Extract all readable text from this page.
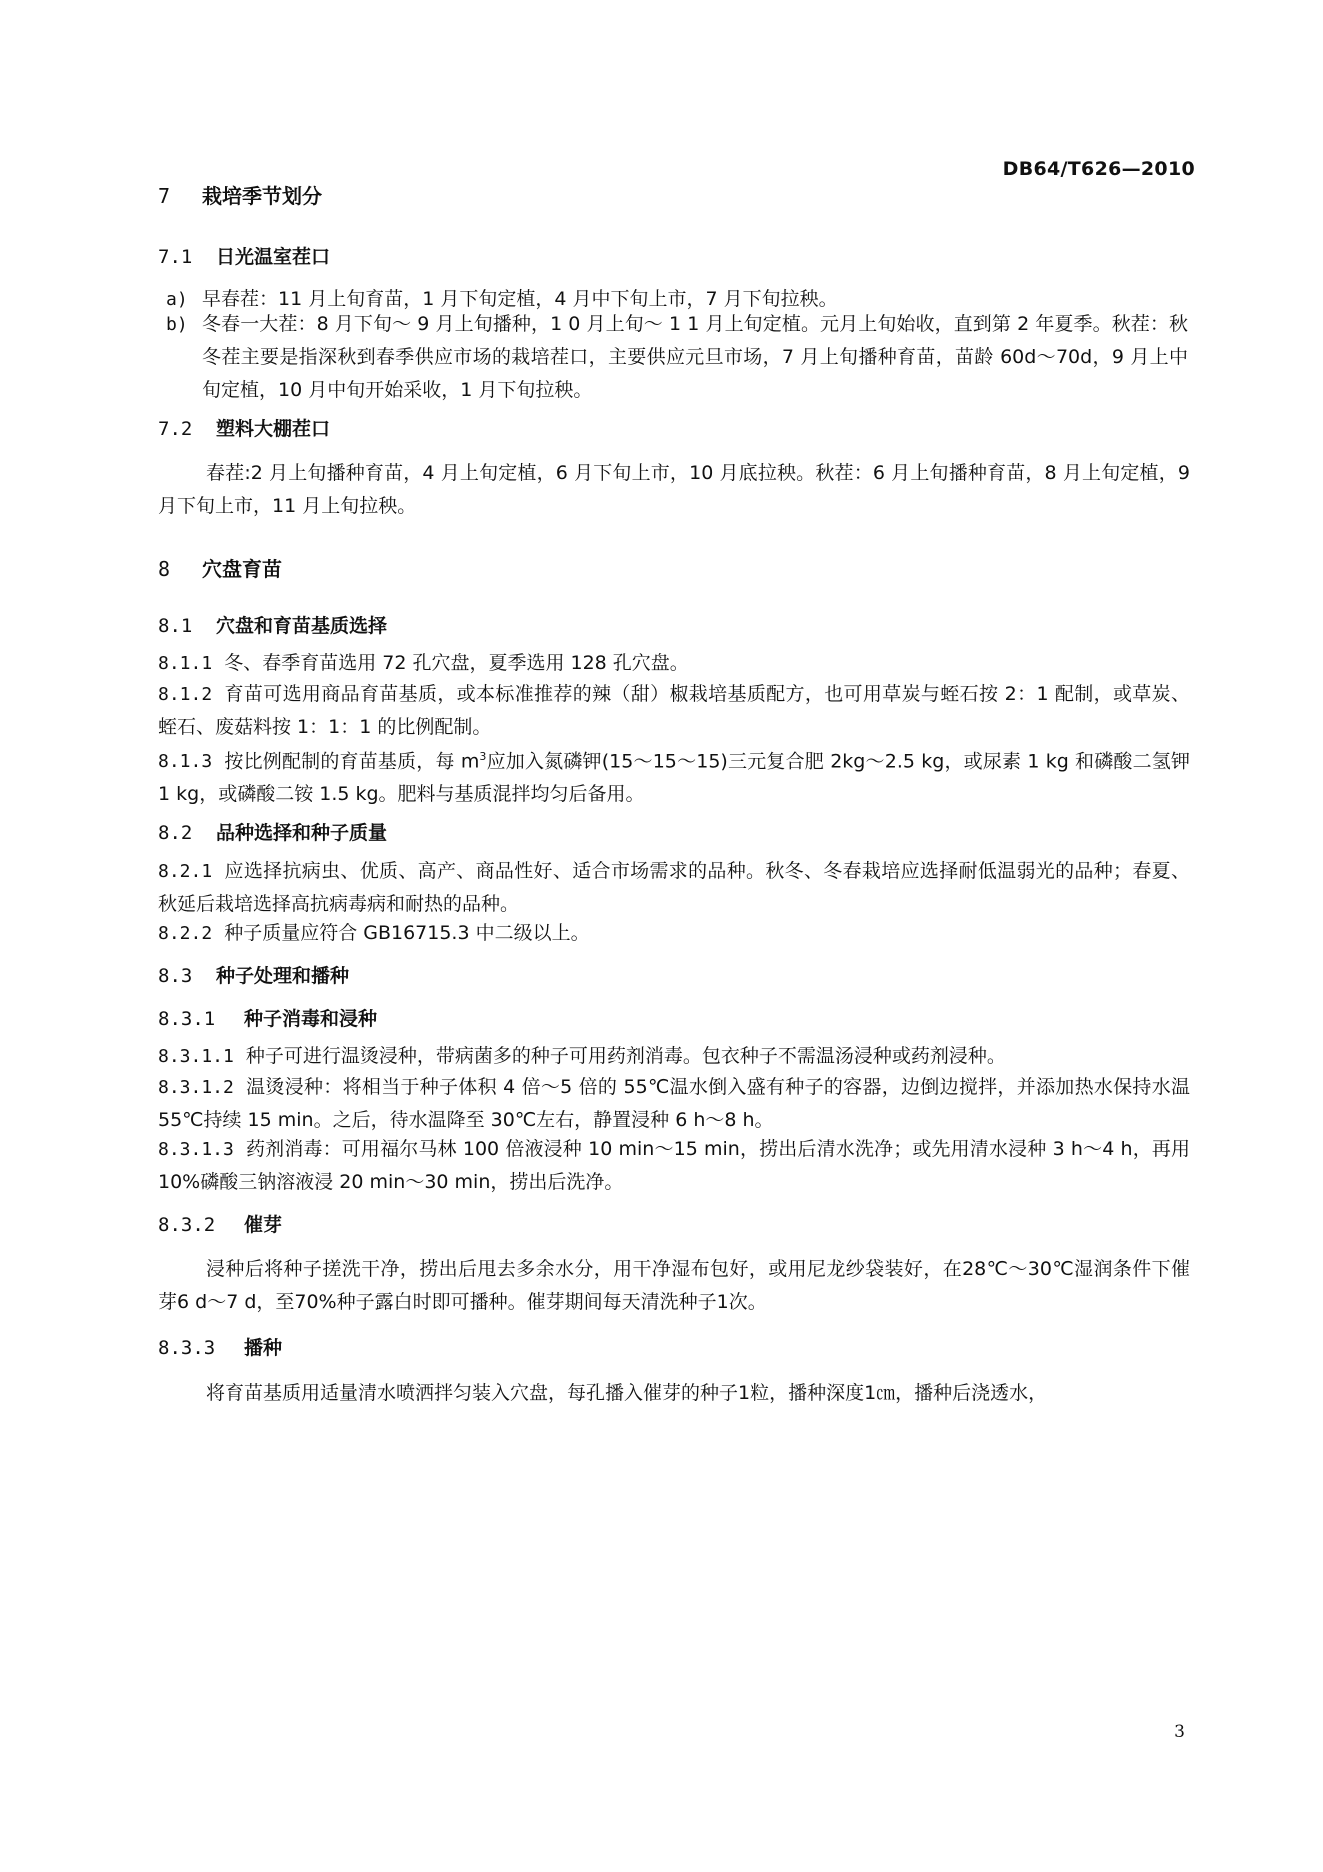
DB64/T626—2010
7 栽培季节划分
7.1 日光温室茬口
a) 早春茬：11 月上旬育苗，1 月下旬定植，4 月中下旬上市，7 月下旬拉秧。
b) 冬春一大茬：8 月下旬～ 9 月上旬播种，1 0 月上旬～ 1 1 月上旬定植。元月上旬始收，直到第 2 年夏季。秋茬：秋冬茬主要是指深秋到春季供应市场的栽培茬口，主要供应元旦市场，7 月上旬播种育苗，苗龄 60d～70d，9 月上中旬定植，10 月中旬开始采收，1 月下旬拉秧。
7.2 塑料大棚茬口
春茬:2 月上旬播种育苗，4 月上旬定植，6 月下旬上市，10 月底拉秧。秋茬：6 月上旬播种育苗，8 月上旬定植，9 月下旬上市，11 月上旬拉秧。
8 穴盘育苗
8.1 穴盘和育苗基质选择
8.1.1 冬、春季育苗选用 72 孔穴盘，夏季选用 128 孔穴盘。
8.1.2 育苗可选用商品育苗基质，或本标准推荐的辣（甜）椒栽培基质配方，也可用草炭与蛭石按 2：1 配制，或草炭、蛭石、废菇料按 1：1：1 的比例配制。
8.1.3 按比例配制的育苗基质，每 $m^3$应加入氮磷钾(15～15～15)三元复合肥 2kg～2.5 kg，或尿素 1 kg 和磷酸二氢钾 1 kg，或磷酸二铵 1.5 kg。肥料与基质混拌均匀后备用。
8.2 品种选择和种子质量
8.2.1 应选择抗病虫、优质、高产、商品性好、适合市场需求的品种。秋冬、冬春栽培应选择耐低温弱光的品种；春夏、秋延后栽培选择高抗病毒病和耐热的品种。
8.2.2 种子质量应符合 GB16715.3 中二级以上。
8.3 种子处理和播种
8.3.1 种子消毒和浸种
8.3.1.1 种子可进行温烫浸种，带病菌多的种子可用药剂消毒。包衣种子不需温汤浸种或药剂浸种。
8.3.1.2 温烫浸种：将相当于种子体积 4 倍～5 倍的 55℃温水倒入盛有种子的容器，边倒边搅拌，并添加热水保持水温 55℃持续 15 min。之后，待水温降至 30℃左右，静置浸种 6 h～8 h。
8.3.1.3 药剂消毒：可用福尔马林 100 倍液浸种 10 min～15 min，捞出后清水洗净；或先用清水浸种 3 h～4 h，再用 10%磷酸三钠溶液浸 20 min～30 min，捞出后洗净。
8.3.2 催芽
浸种后将种子搓洗干净，捞出后甩去多余水分，用干净湿布包好，或用尼龙纱袋装好，在28℃～30℃湿润条件下催芽6 d～7 d，至70%种子露白时即可播种。催芽期间每天清洗种子1次。
8.3.3 播种
将育苗基质用适量清水喷洒拌匀装入穴盘，每孔播入催芽的种子1粒，播种深度1㎝，播种后浇透水，
3
